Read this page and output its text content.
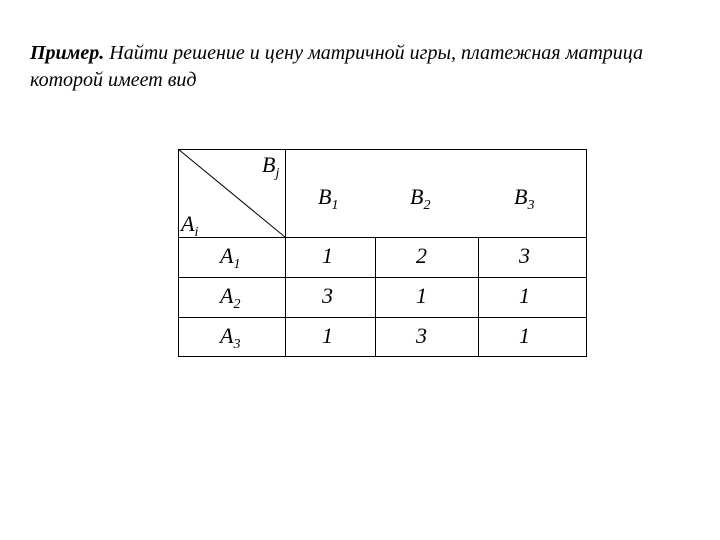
Пример. Найти решение и цену матричной игры, платежная матрица которой имеет вид
$B_j$
$A_i$
$B_1$	$B_2$	$B_3$
$A_1$	1	2	3
$A_2$	3	1	1
$A_3$	1	3	1
